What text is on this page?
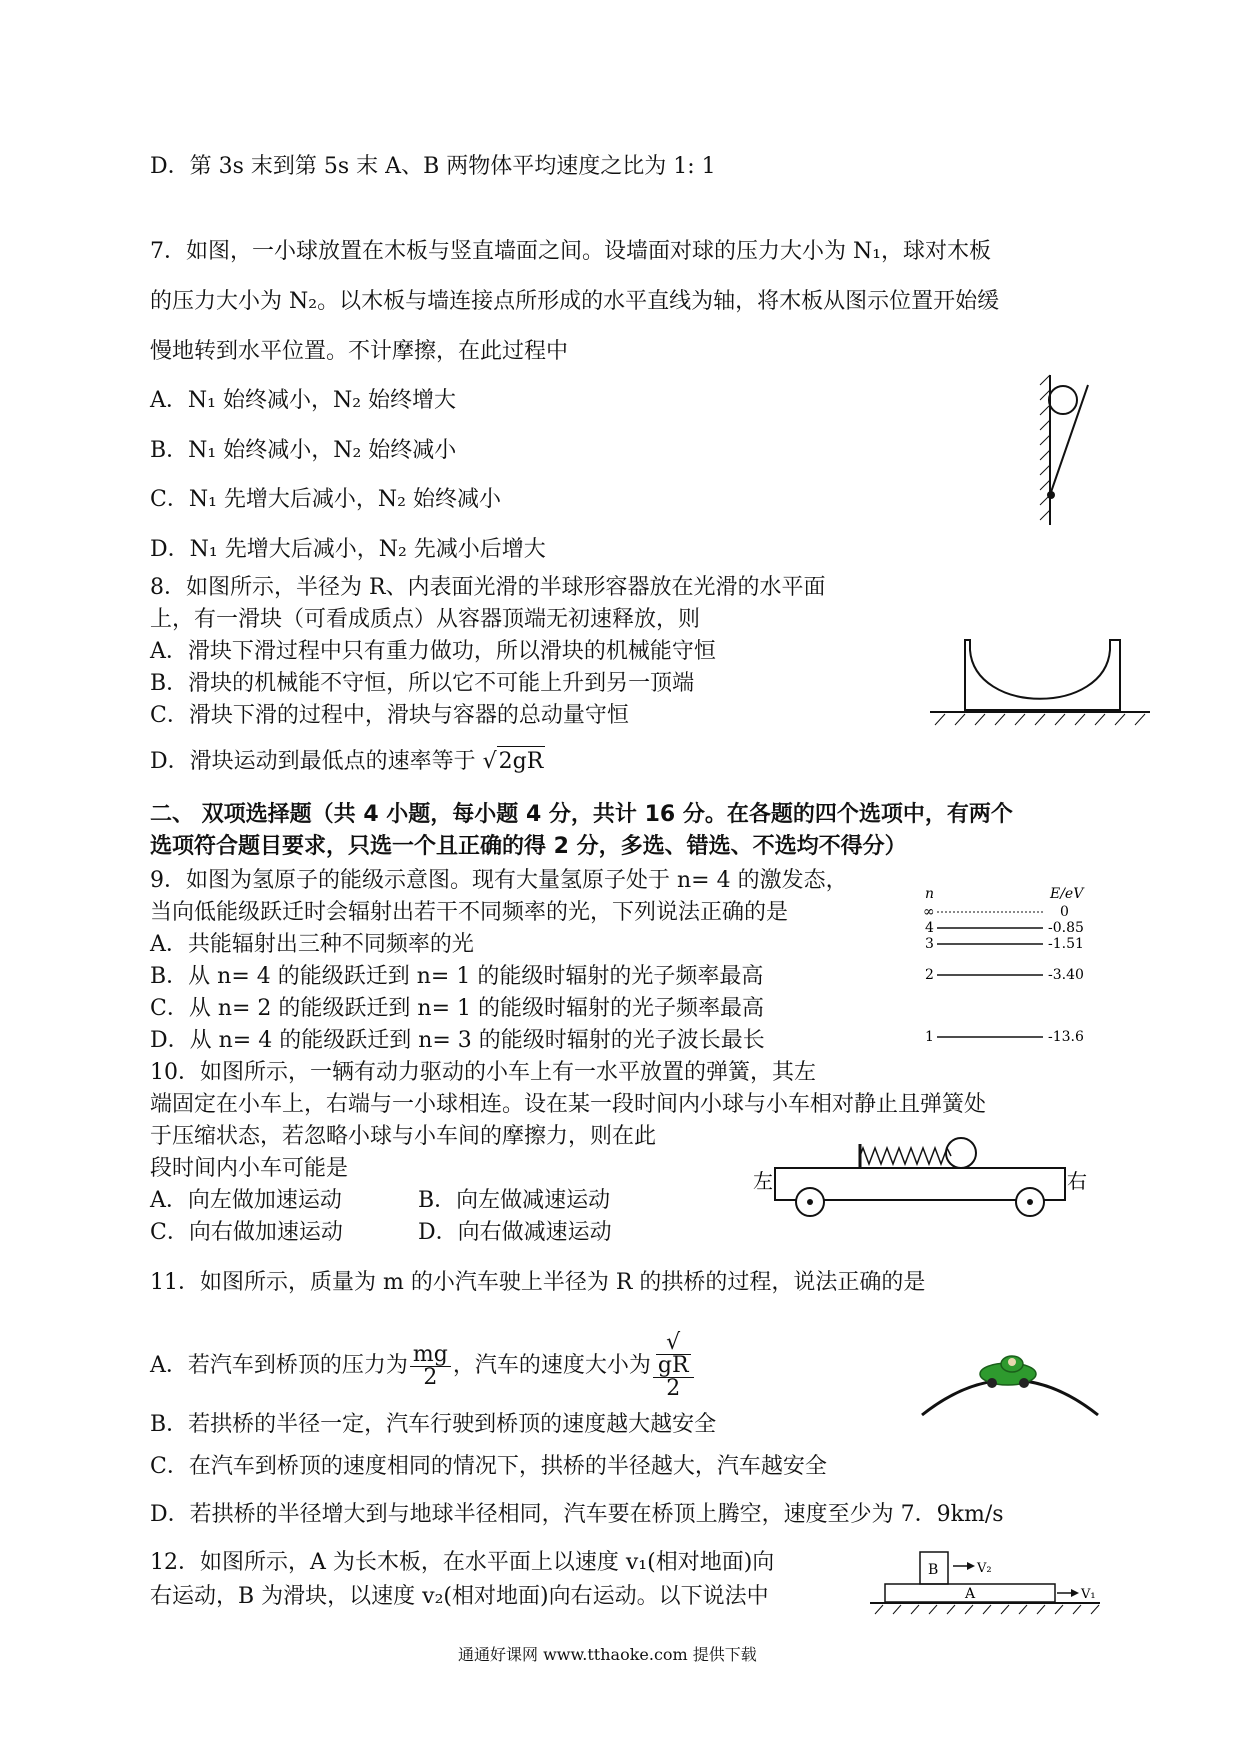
D．第 3s 末到第 5s 末 A、B 两物体平均速度之比为 1: 1
7．如图，一小球放置在木板与竖直墙面之间。设墙面对球的压力大小为 N₁，球对木板
的压力大小为 N₂。以木板与墙连接点所形成的水平直线为轴，将木板从图示位置开始缓
慢地转到水平位置。不计摩擦，在此过程中
A．N₁ 始终减小，N₂ 始终增大
B．N₁ 始终减小，N₂ 始终减小
C．N₁ 先增大后减小，N₂ 始终减小
D．N₁ 先增大后减小，N₂ 先减小后增大
8．如图所示，半径为 R、内表面光滑的半球形容器放在光滑的水平面
上，有一滑块（可看成质点）从容器顶端无初速释放，则
A．滑块下滑过程中只有重力做功，所以滑块的机械能守恒
B．滑块的机械能不守恒，所以它不可能上升到另一顶端
C．滑块下滑的过程中，滑块与容器的总动量守恒
D．滑块运动到最低点的速率等于 √2gR
二、 双项选择题（共 4 小题，每小题 4 分，共计 16 分。在各题的四个选项中，有两个
选项符合题目要求，只选一个且正确的得 2 分，多选、错选、不选均不得分）
9．如图为氢原子的能级示意图。现有大量氢原子处于 n= 4 的激发态，
当向低能级跃迁时会辐射出若干不同频率的光，下列说法正确的是
A．共能辐射出三种不同频率的光
B．从 n= 4 的能级跃迁到 n= 1 的能级时辐射的光子频率最高
C．从 n= 2 的能级跃迁到 n= 1 的能级时辐射的光子频率最高
D．从 n= 4 的能级跃迁到 n= 3 的能级时辐射的光子波长最长
n	E/eV
∞	0
4	-0.85
3	-1.51
2	-3.40
1	-13.6
10．如图所示，一辆有动力驱动的小车上有一水平放置的弹簧，其左
端固定在小车上，右端与一小球相连。设在某一段时间内小球与小车相对静止且弹簧处
于压缩状态，若忽略小球与小车间的摩擦力，则在此
段时间内小车可能是
A．向左做加速运动	B．向左做减速运动
C．向右做加速运动	D．向右做减速运动
左	右
11．如图所示，质量为 m 的小汽车驶上半径为 R 的拱桥的过程，说法正确的是
A．若汽车到桥顶的压力为 $\frac{mg}{2}$ ，汽车的速度大小为 √
gR
2
B．若拱桥的半径一定，汽车行驶到桥顶的速度越大越安全
C．在汽车到桥顶的速度相同的情况下，拱桥的半径越大，汽车越安全
D．若拱桥的半径增大到与地球半径相同，汽车要在桥顶上腾空，速度至少为 7．9km/s
12．如图所示，A 为长木板，在水平面上以速度 v₁(相对地面)向
右运动，B 为滑块，以速度 v₂(相对地面)向右运动。以下说法中
B	V₂
A	V₁
通通好课网 www.tthaoke.com 提供下载
